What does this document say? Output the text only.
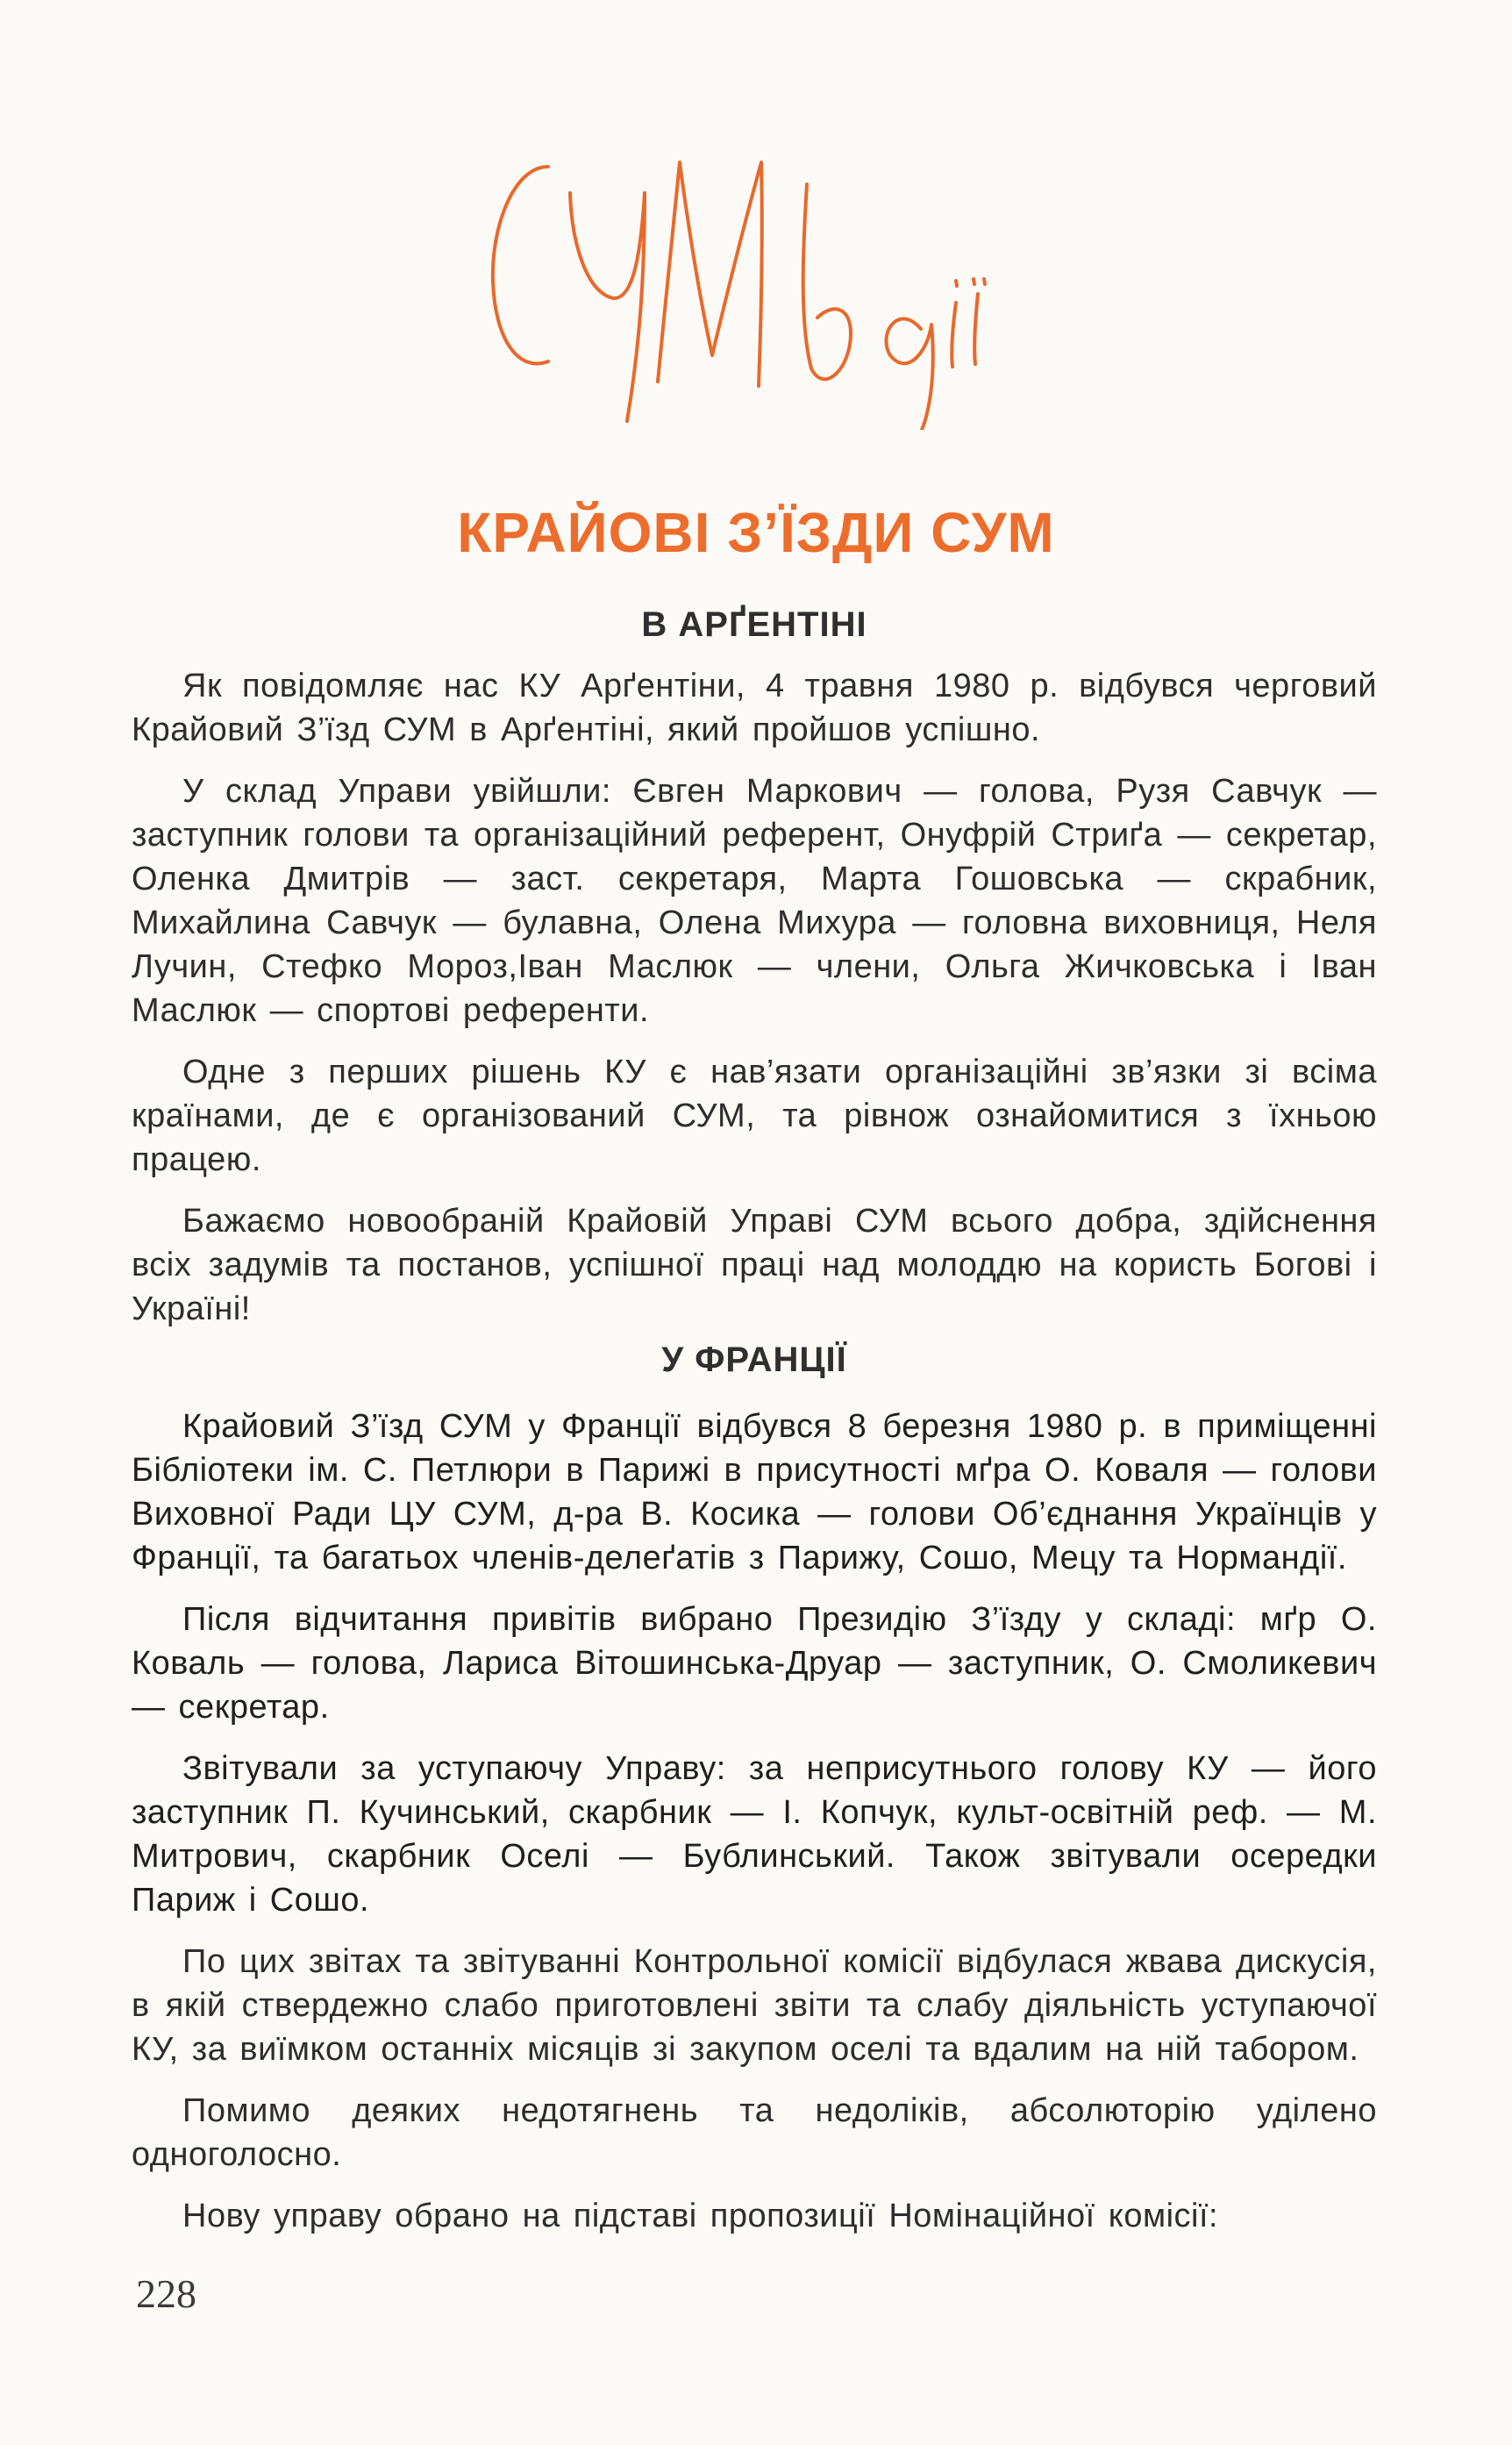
КРАЙОВІ З’ЇЗДИ СУМ
В АРҐЕНТІНІ

Як повідомляє нас КУ Арґентіни, 4 травня 1980 р. відбувся черговий Крайовий З’їзд СУМ в Арґентіні, який пройшов успішно.

У склад Управи увійшли: Євген Маркович — голова, Рузя Савчук — заступник голови та організаційний референт, Онуфрій Стриґа — секретар, Оленка Дмитрів — заст. секретаря, Марта Гошовська — скрабник, Михайлина Савчук — булавна, Олена Михура — головна виховниця, Неля Лучин, Стефко Мороз,Іван Маслюк — члени, Ольга Жичковська і Іван Маслюк — спортові референти.

Одне з перших рішень КУ є нав’язати організаційні зв’язки зі всіма країнами, де є організований СУМ, та рівнож ознайомитися з їхньою працею.

Бажаємо новообраній Крайовій Управі СУМ всього добра, здійснення всіх задумів та постанов, успішної праці над молоддю на користь Богові і Україні!

У ФРАНЦІЇ

Крайовий З’їзд СУМ у Франції відбувся 8 березня 1980 р. в приміщенні Бібліотеки ім. С. Петлюри в Парижі в присутності мґра О. Коваля — голови Виховної Ради ЦУ СУМ, д-ра В. Косика — голови Об’єднання Українців у Франції, та багатьох членів-делеґатів з Парижу, Сошо, Мецу та Нормандії.

Після відчитання привітів вибрано Президію З’їзду у складі: мґр О. Коваль — голова, Лариса Вітошинська-Друар — заступник, О. Смоликевич — секретар.

Звітували за уступаючу Управу: за неприсутнього голову КУ — його заступник П. Кучинський, скарбник — І. Копчук, культ-освітній реф. — М. Митрович, скарбник Оселі — Бублинський. Також звітували осередки Париж і Сошо.

По цих звітах та звітуванні Контрольної комісії відбулася жвава дискусія, в якій ствердежно слабо приготовлені звіти та слабу діяльність уступаючої КУ, за виїмком останніх місяців зі закупом оселі та вдалим на ній табором.

Помимо деяких недотягнень та недоліків, абсолюторію уділено одноголосно.

Нову управу обрано на підставі пропозиції Номінаційної комісії:

228
